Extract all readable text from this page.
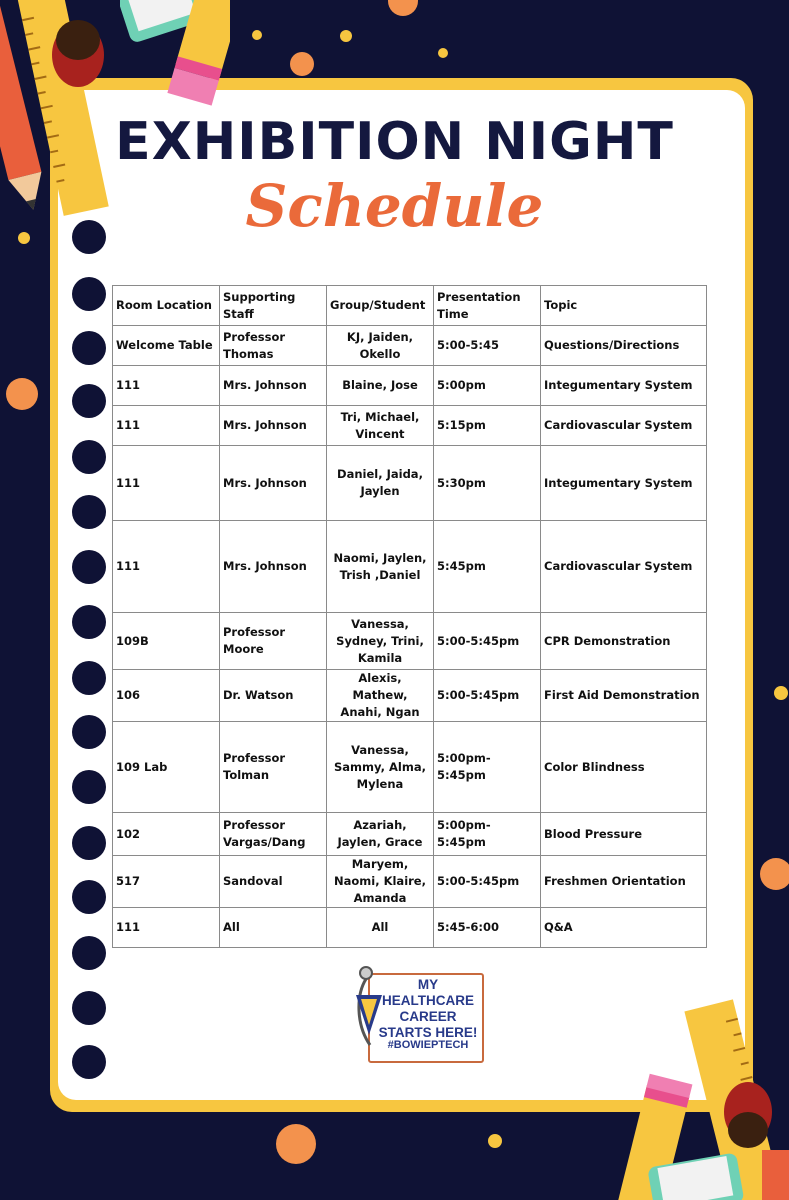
EXHIBITION NIGHT
Schedule
Room Location	Supporting Staff	Group/Student	Presentation Time	Topic
Welcome Table	Professor Thomas	KJ, Jaiden, Okello	5:00-5:45	Questions/Directions
111	Mrs. Johnson	Blaine, Jose	5:00pm	Integumentary System
111	Mrs. Johnson	Tri, Michael, Vincent	5:15pm	Cardiovascular System
111	Mrs. Johnson	Daniel, Jaida, Jaylen	5:30pm	Integumentary System
111	Mrs. Johnson	Naomi, Jaylen, Trish ,Daniel	5:45pm	Cardiovascular System
109B	Professor Moore	Vanessa, Sydney, Trini, Kamila	5:00-5:45pm	CPR Demonstration
106	Dr. Watson	Alexis, Mathew, Anahi, Ngan	5:00-5:45pm	First Aid Demonstration
109 Lab	Professor Tolman	Vanessa, Sammy, Alma, Mylena	5:00pm-5:45pm	Color Blindness
102	Professor Vargas/Dang	Azariah, Jaylen, Grace	5:00pm-5:45pm	Blood Pressure
517	Sandoval	Maryem, Naomi, Klaire, Amanda	5:00-5:45pm	Freshmen Orientation
111	All	All	5:45-6:00	Q&A
MY HEALTHCARE
CAREER
STARTS HERE!
#BOWIEPTECH
